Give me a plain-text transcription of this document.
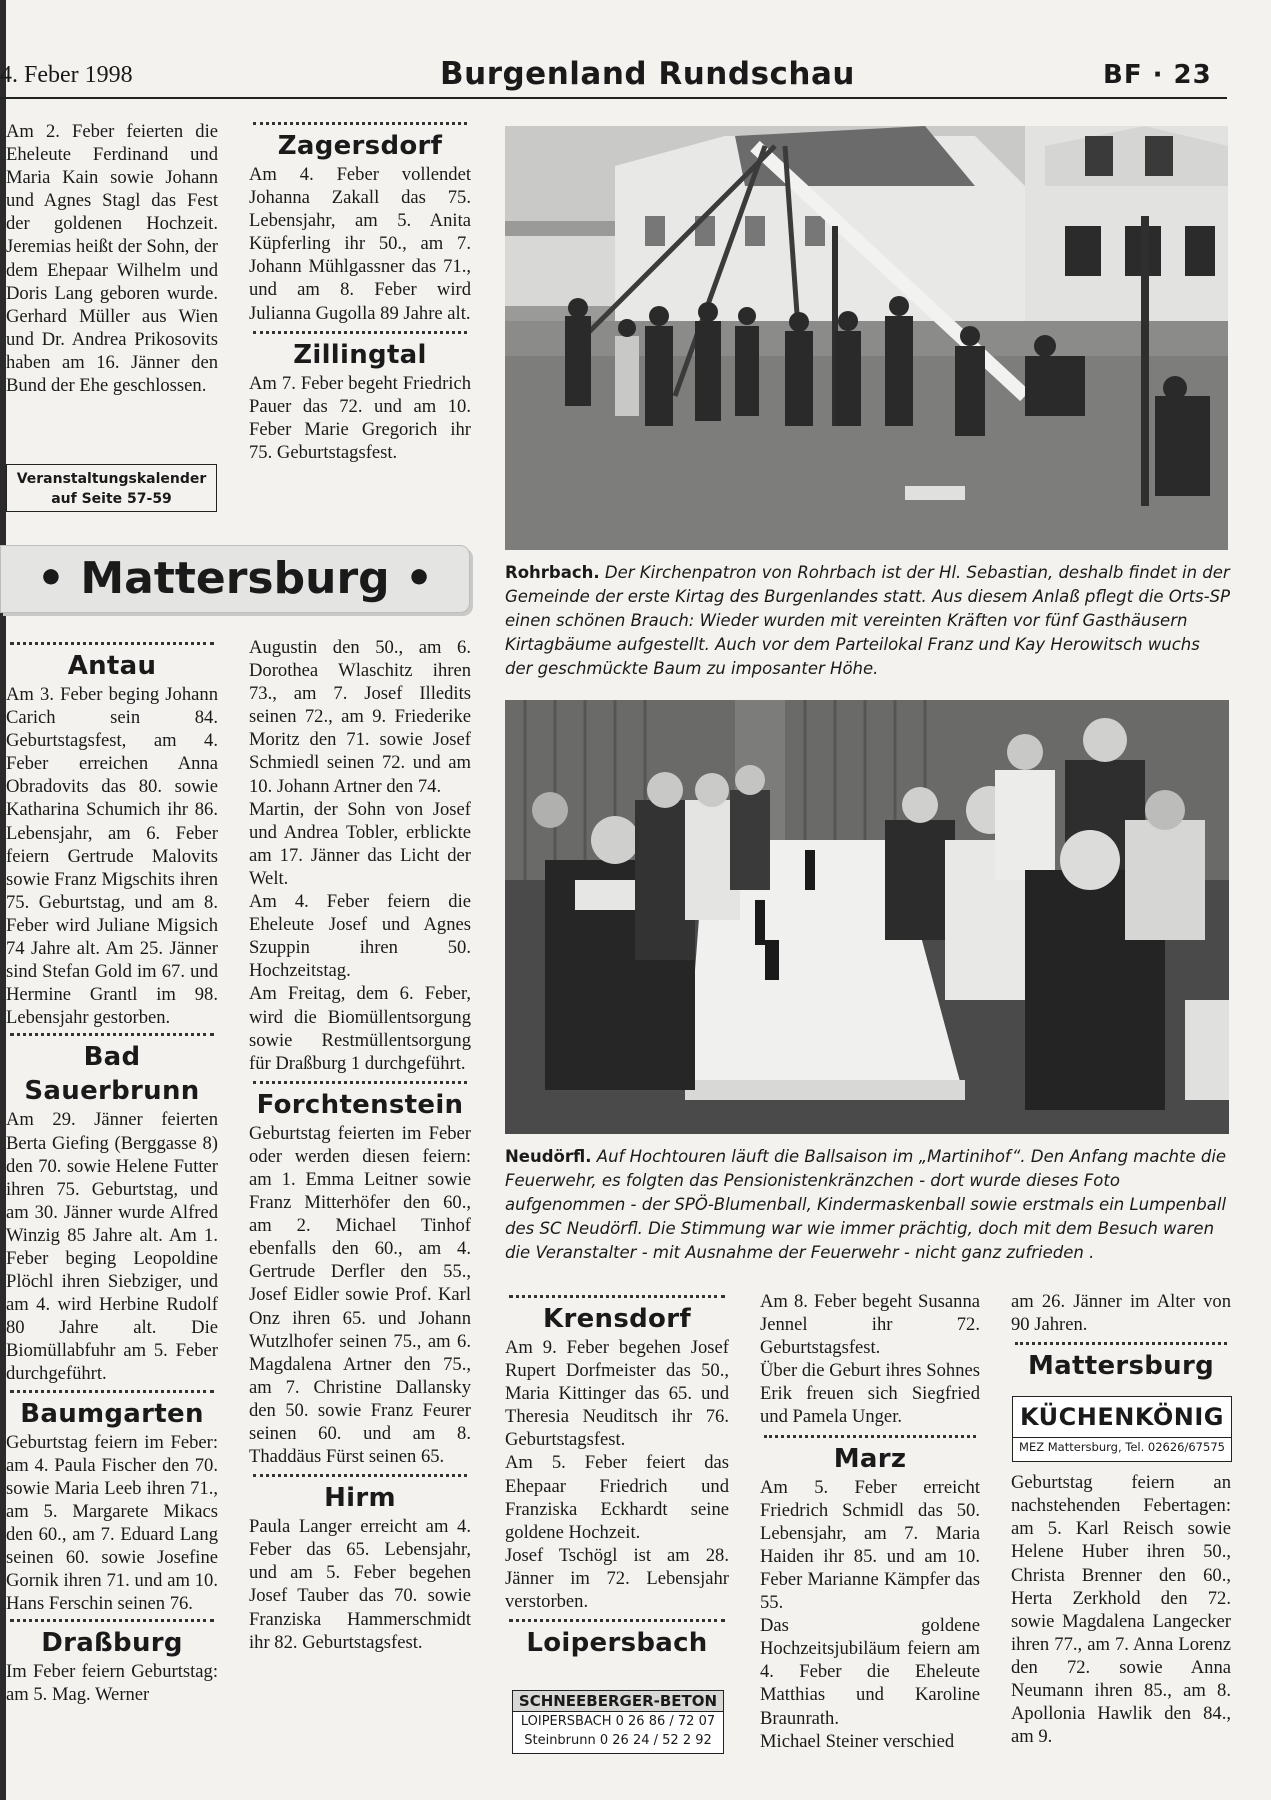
4. Feber 1998	Burgenland Rundschau	BF · 23

Am 2. Feber feierten die Eheleute Ferdinand und Maria Kain sowie Johann und Agnes Stagl das Fest der goldenen Hochzeit. Jeremias heißt der Sohn, der dem Ehepaar Wilhelm und Doris Lang geboren wurde. Gerhard Müller aus Wien und Dr. Andrea Prikosovits haben am 16. Jänner den Bund der Ehe geschlossen.

Veranstaltungskalender
auf Seite 57-59
Zagersdorf

Am 4. Feber vollendet Johanna Zakall das 75. Lebensjahr, am 5. Anita Küpferling ihr 50., am 7. Johann Mühlgassner das 71., und am 8. Feber wird Julianna Gugolla 89 Jahre alt.

Zillingtal

Am 7. Feber begeht Friedrich Pauer das 72. und am 10. Feber Marie Gregorich ihr 75. Geburtstagsfest.

• Mattersburg •
Antau

Am 3. Feber beging Johann Carich sein 84. Geburtstagsfest, am 4. Feber erreichen Anna Obradovits das 80. sowie Katharina Schumich ihr 86. Lebensjahr, am 6. Feber feiern Gertrude Malovits sowie Franz Migschits ihren 75. Geburtstag, und am 8. Feber wird Juliane Migsich 74 Jahre alt. Am 25. Jänner sind Stefan Gold im 67. und Hermine Grantl im 98. Lebensjahr gestorben.

Bad Sauerbrunn

Am 29. Jänner feierten Berta Giefing (Berggasse 8) den 70. sowie Helene Futter ihren 75. Geburtstag, und am 30. Jänner wurde Alfred Winzig 85 Jahre alt. Am 1. Feber beging Leopoldine Plöchl ihren Siebziger, und am 4. wird Herbine Rudolf 80 Jahre alt. Die Biomüllabfuhr am 5. Feber durchgeführt.

Baumgarten

Geburtstag feiern im Feber: am 4. Paula Fischer den 70. sowie Maria Leeb ihren 71., am 5. Margarete Mikacs den 60., am 7. Eduard Lang seinen 60. sowie Josefine Gornik ihren 71. und am 10. Hans Ferschin seinen 76.

Draßburg

Im Feber feiern Geburtstag: am 5. Mag. Werner

Augustin den 50., am 6. Dorothea Wlaschitz ihren 73., am 7. Josef Illedits seinen 72., am 9. Friederike Moritz den 71. sowie Josef Schmiedl seinen 72. und am 10. Johann Artner den 74.

Martin, der Sohn von Josef und Andrea Tobler, erblickte am 17. Jänner das Licht der Welt.

Am 4. Feber feiern die Eheleute Josef und Agnes Szuppin ihren 50. Hochzeitstag.

Am Freitag, dem 6. Feber, wird die Biomüllentsorgung sowie Restmüllentsorgung für Draßburg 1 durchgeführt.

Forchtenstein

Geburtstag feierten im Feber oder werden diesen feiern: am 1. Emma Leitner sowie Franz Mitterhöfer den 60., am 2. Michael Tinhof ebenfalls den 60., am 4. Gertrude Derfler den 55., Josef Eidler sowie Prof. Karl Onz ihren 65. und Johann Wutzlhofer seinen 75., am 6. Magdalena Artner den 75., am 7. Christine Dallansky den 50. sowie Franz Feurer seinen 60. und am 8. Thaddäus Fürst seinen 65.

Hirm

Paula Langer erreicht am 4. Feber das 65. Lebensjahr, und am 5. Feber begehen Josef Tauber das 70. sowie Franziska Hammerschmidt ihr 82. Geburtstagsfest.

Rohrbach. Der Kirchenpatron von Rohrbach ist der Hl. Sebastian, deshalb findet in der Gemeinde der erste Kirtag des Burgenlandes statt. Aus diesem Anlaß pflegt die Orts-SP einen schönen Brauch: Wieder wurden mit vereinten Kräften vor fünf Gasthäusern Kirtagbäume aufgestellt. Auch vor dem Parteilokal Franz und Kay Herowitsch wuchs der geschmückte Baum zu imposanter Höhe.
Neudörfl. Auf Hochtouren läuft die Ballsaison im „Martinihof“. Den Anfang machte die Feuerwehr, es folgten das Pensionistenkränzchen - dort wurde dieses Foto aufgenommen - der SPÖ-Blumenball, Kindermaskenball sowie erstmals ein Lumpenball des SC Neudörfl. Die Stimmung war wie immer prächtig, doch mit dem Besuch waren die Veranstalter - mit Ausnahme der Feuerwehr - nicht ganz zufrieden .
Krensdorf

Am 9. Feber begehen Josef Rupert Dorfmeister das 50., Maria Kittinger das 65. und Theresia Neuditsch ihr 76. Geburtstagsfest.

Am 5. Feber feiert das Ehepaar Friedrich und Franziska Eckhardt seine goldene Hochzeit.

Josef Tschögl ist am 28. Jänner im 72. Lebensjahr verstorben.

Loipersbach
SCHNEEBERGER-BETON
LOIPERSBACH 0 26 86 / 72 07
Steinbrunn 0 26 24 / 52 2 92

Am 8. Feber begeht Susanna Jennel ihr 72. Geburtstagsfest.

Über die Geburt ihres Sohnes Erik freuen sich Siegfried und Pamela Unger.

Marz

Am 5. Feber erreicht Friedrich Schmidl das 50. Lebensjahr, am 7. Maria Haiden ihr 85. und am 10. Feber Marianne Kämpfer das 55.

Das goldene Hochzeitsjubiläum feiern am 4. Feber die Eheleute Matthias und Karoline Braunrath.

Michael Steiner verschied

am 26. Jänner im Alter von 90 Jahren.

Mattersburg

Geburtstag feiern an nachstehenden Febertagen: am 5. Karl Reisch sowie Helene Huber ihren 50., Christa Brenner den 60., Herta Zerkhold den 72. sowie Magdalena Langecker ihren 77., am 7. Anna Lorenz den 72. sowie Anna Neumann ihren 85., am 8. Apollonia Hawlik den 84., am 9.

KÜCHENKÖNIG
MEZ Mattersburg, Tel. 02626/67575
